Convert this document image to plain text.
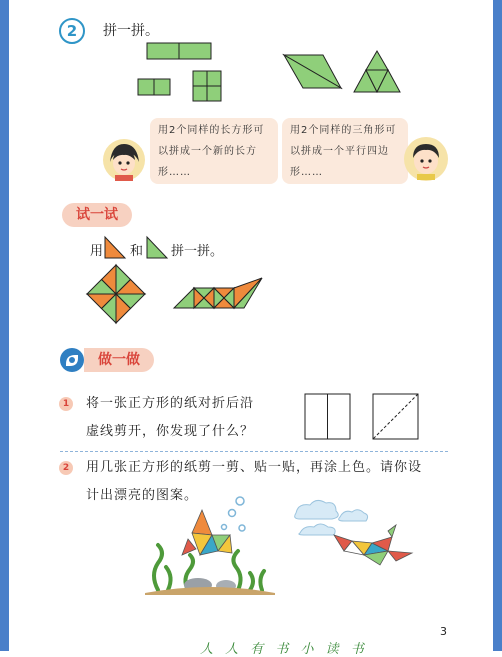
2	拼一拼。
用2个同样的长方形可以拼成一个新的长方形……
用2个同样的三角形可以拼成一个平行四边形……
试一试
用 和 拼一拼。
做一做
1 将一张正方形的纸对折后沿
虚线剪开，你发现了什么？
2 用几张正方形的纸剪一剪、贴一贴，再涂上色。请你设
计出漂亮的图案。
3
人 人 有 书 小 读 书
